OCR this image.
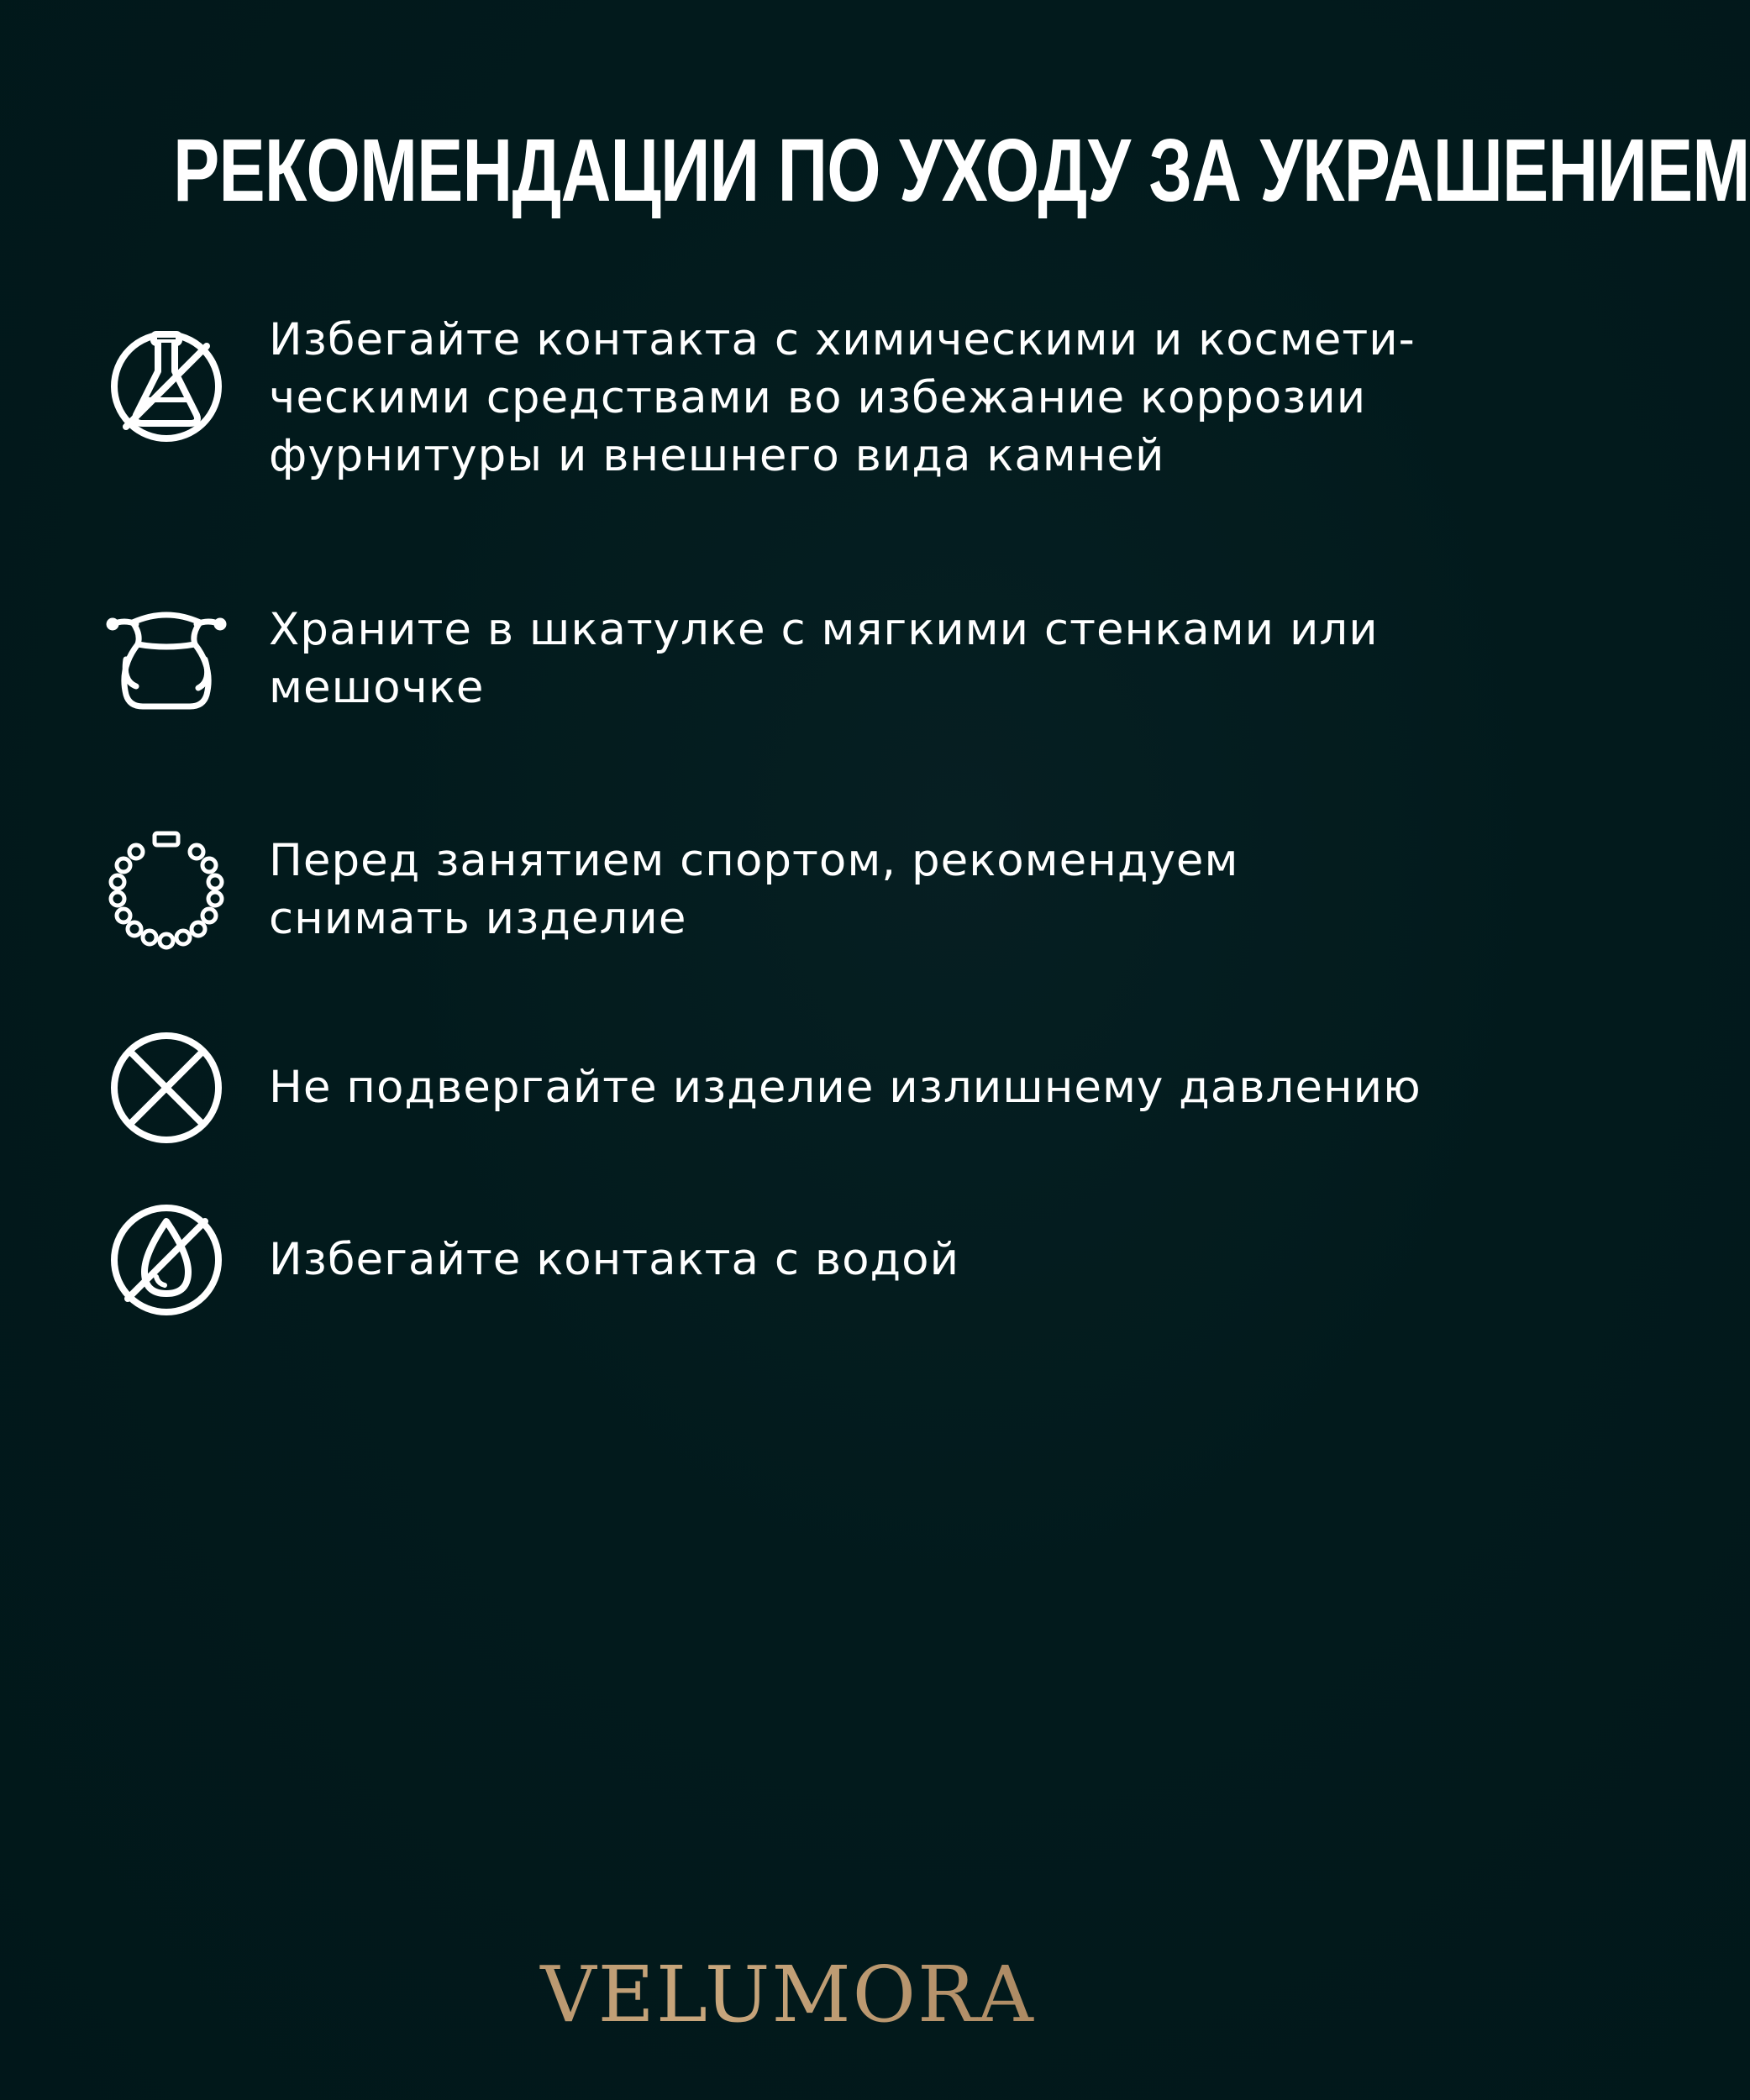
РЕКОМЕНДАЦИИ ПО УХОДУ ЗА УКРАШЕНИЕМ
Избегайте контакта с химическими и космети-
ческими средствами во избежание коррозии
фурнитуры и внешнего вида камней
Храните в шкатулке с мягкими стенками или
мешочке
Перед занятием спортом, рекомендуем
снимать изделие
Не подвергайте изделие излишнему давлению
Избегайте контакта с водой
VELUMORA
